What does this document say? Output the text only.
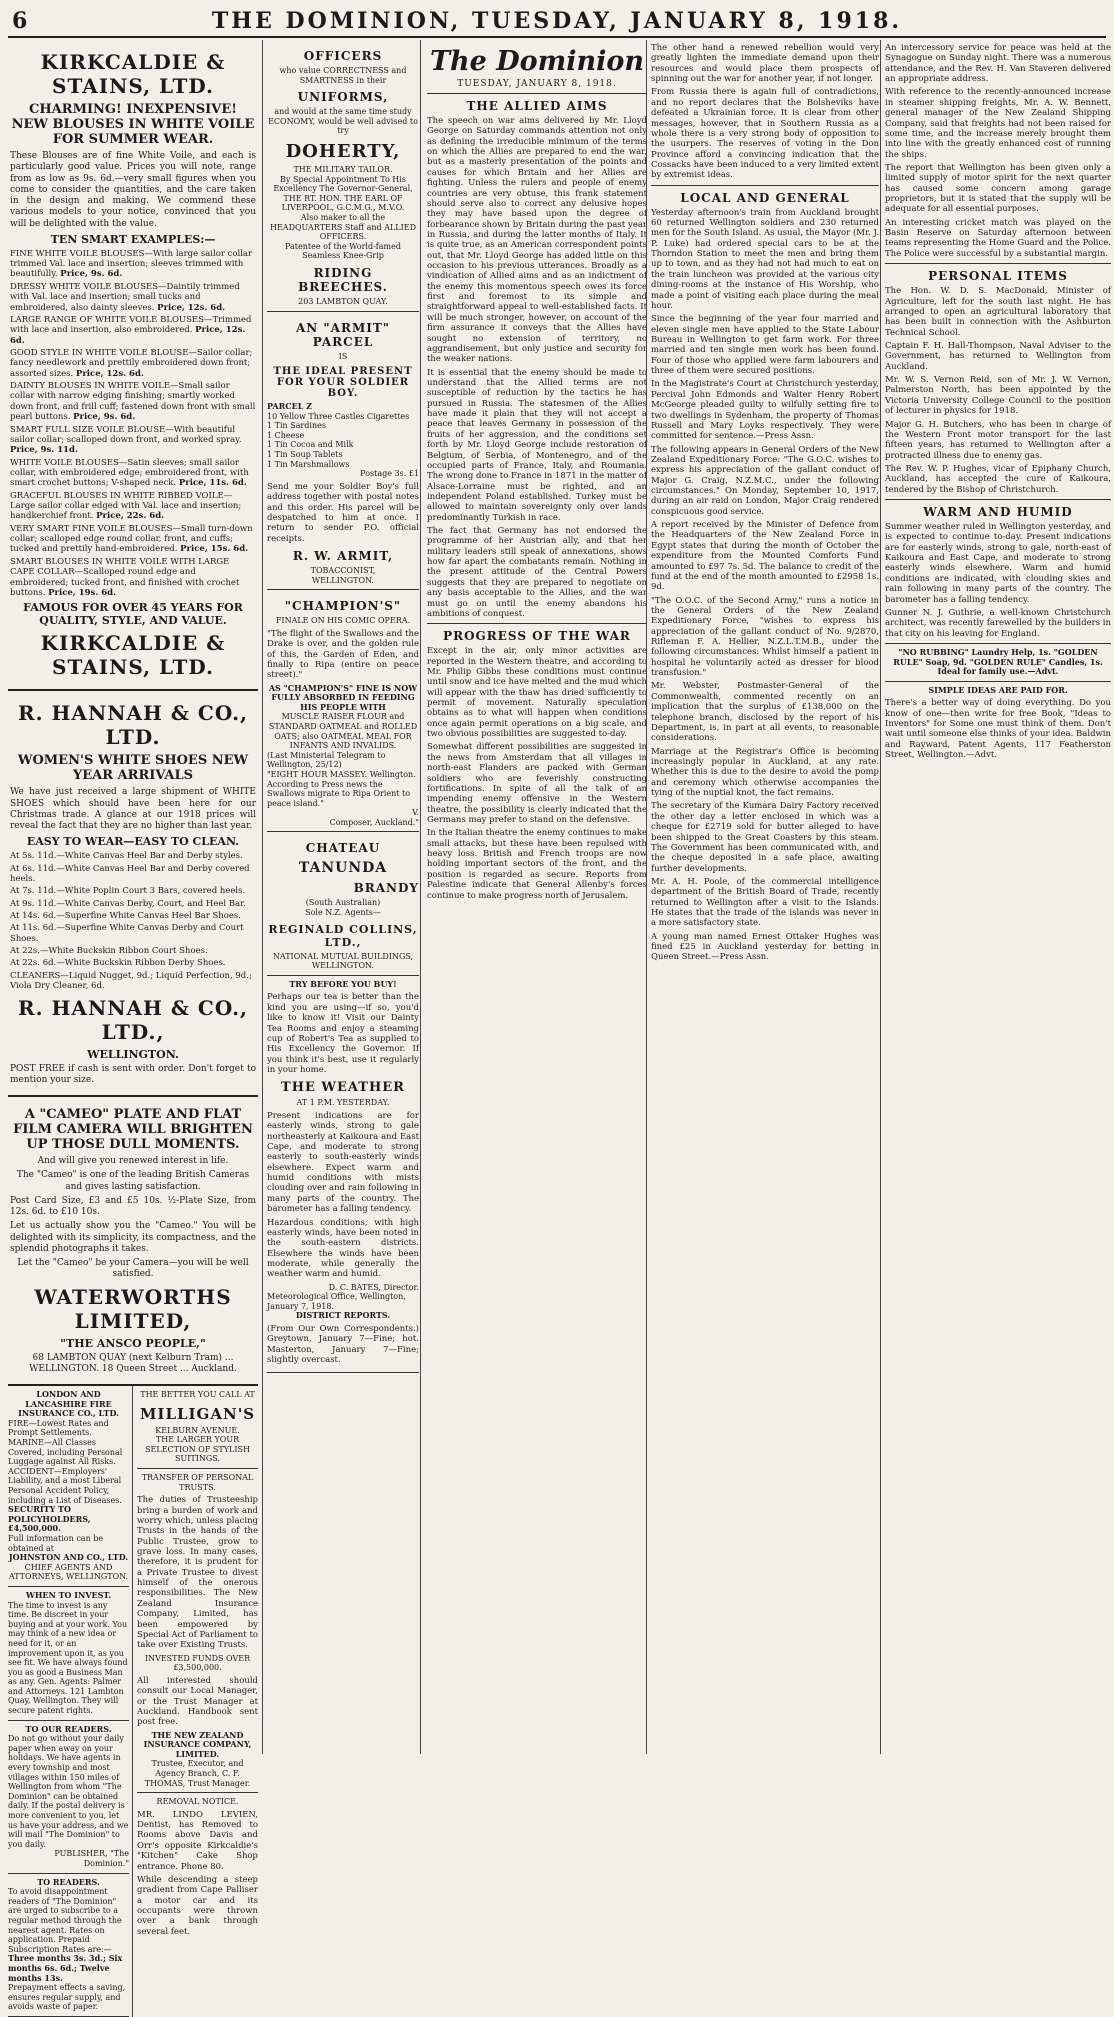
6	THE DOMINION, TUESDAY, JANUARY 8, 1918.
KIRKCALDIE & STAINS, LTD.
CHARMING! INEXPENSIVE! NEW BLOUSES IN WHITE VOILE FOR SUMMER WEAR.

These Blouses are of fine White Voile, and each is particularly good value. Prices you will note, range from as low as 9s. 6d.—very small figures when you come to consider the quantities, and the care taken in the design and making. We commend these various models to your notice, convinced that you will be delighted with the value.

TEN SMART EXAMPLES:—
FINE WHITE VOILE BLOUSES—With large sailor collar trimmed Val. lace and insertion; sleeves trimmed with beautifully. Price, 9s. 6d.
DRESSY WHITE VOILE BLOUSES—Daintily trimmed with Val. lace and insertion; small tucks and embroidered, also dainty sleeves. Price, 12s. 6d.
LARGE RANGE OF WHITE VOILE BLOUSES—Trimmed with lace and insertion, also embroidered. Price, 12s. 6d.
GOOD STYLE IN WHITE VOILE BLOUSE—Sailor collar; fancy needlework and prettily embroidered down front; assorted sizes. Price, 12s. 6d.
DAINTY BLOUSES IN WHITE VOILE—Small sailor collar with narrow edging finishing; smartly worked down front, and frill cuff; fastened down front with small pearl buttons. Price, 9s. 6d.
SMART FULL SIZE VOILE BLOUSE—With beautiful sailor collar; scalloped down front, and worked spray. Price, 9s. 11d.
WHITE VOILE BLOUSES—Satin sleeves; small sailor collar, with embroidered edge; embroidered front, with smart crochet buttons; V-shaped neck. Price, 11s. 6d.
GRACEFUL BLOUSES IN WHITE RIBBED VOILE—Large sailor collar edged with Val. lace and insertion; handkerchief front. Price, 22s. 6d.
VERY SMART FINE VOILE BLOUSES—Small turn-down collar; scalloped edge round collar, front, and cuffs; tucked and prettily hand-embroidered. Price, 15s. 6d.
SMART BLOUSES IN WHITE VOILE WITH LARGE CAPE COLLAR—Scalloped round edge and embroidered; tucked front, and finished with crochet buttons. Price, 19s. 6d.
FAMOUS FOR OVER 45 YEARS FOR QUALITY, STYLE, AND VALUE.
KIRKCALDIE & STAINS, LTD.
R. HANNAH & CO., LTD.
WOMEN'S WHITE SHOES NEW YEAR ARRIVALS

We have just received a large shipment of WHITE SHOES which should have been here for our Christmas trade. A glance at our 1918 prices will reveal the fact that they are no higher than last year.

EASY TO WEAR—EASY TO CLEAN.
At 5s. 11d.—White Canvas Heel Bar and Derby styles.
At 6s. 11d.—White Canvas Heel Bar and Derby covered heels.
At 7s. 11d.—White Poplin Court 3 Bars, covered heels.
At 9s. 11d.—White Canvas Derby, Court, and Heel Bar.
At 14s. 6d.—Superfine White Canvas Heel Bar Shoes.
At 11s. 6d.—Superfine White Canvas Derby and Court Shoes.
At 22s.—White Buckskin Ribbon Court Shoes.
At 22s. 6d.—White Buckskin Ribbon Derby Shoes.
CLEANERS—Liquid Nugget, 9d.; Liquid Perfection, 9d.; Viola Dry Cleaner, 6d.
R. HANNAH & CO., LTD.,
WELLINGTON.

POST FREE if cash is sent with order. Don't forget to mention your size.

A "CAMEO" PLATE AND FLAT FILM CAMERA WILL BRIGHTEN UP THOSE DULL MOMENTS.

And will give you renewed interest in life.

The "Cameo" is one of the leading British Cameras and gives lasting satisfaction.

Post Card Size, £3 and £5 10s. ½-Plate Size, from 12s. 6d. to £10 10s.

Let us actually show you the "Cameo." You will be delighted with its simplicity, its compactness, and the splendid photographs it takes.

Let the "Cameo" be your Camera—you will be well satisfied.

WATERWORTHS LIMITED,
"THE ANSCO PEOPLE,"

68 LAMBTON QUAY (next Kelburn Tram) ... WELLINGTON. 18 Queen Street ... Auckland.

LONDON AND LANCASHIRE FIRE INSURANCE CO., LTD.
FIRE—Lowest Rates and Prompt Settlements.
MARINE—All Classes Covered, including Personal Luggage against All Risks.
ACCIDENT—Employers' Liability, and a most Liberal Personal Accident Policy, including a List of Diseases.
SECURITY TO POLICYHOLDERS, £4,500,000.
Full information can be obtained at
JOHNSTON AND CO., LTD.
CHIEF AGENTS AND ATTORNEYS, WELLINGTON.
WHEN TO INVEST.
The time to invest is any time. Be discreet in your buying and at your work. You may think of a new idea or need for it, or an improvement upon it, as you see fit. We have always found you as good a Business Man as any. Gen. Agents: Palmer and Attorneys. 121 Lambton Quay, Wellington. They will secure patent rights.
TO OUR READERS.
Do not go without your daily paper when away on your holidays. We have agents in every township and most villages within 150 miles of Wellington from whom "The Dominion" can be obtained daily. If the postal delivery is more convenient to you, let us have your address, and we will mail "The Dominion" to you daily.
PUBLISHER, "The Dominion."
TO READERS.
To avoid disappointment readers of "The Dominion" are urged to subscribe to a regular method through the nearest agent. Rates on application. Prepaid Subscription Rates are:—
Three months 3s. 3d.; Six months 6s. 6d.; Twelve months 13s.
Prepayment effects a saving, ensures regular supply, and avoids waste of paper.
THE BETTER YOU CALL AT
MILLIGAN'S
KELBURN AVENUE.
THE LARGER YOUR SELECTION OF STYLISH SUITINGS.
TRANSFER OF PERSONAL TRUSTS.
The duties of Trusteeship bring a burden of work and worry which, unless placing Trusts in the hands of the Public Trustee, grow to grave loss. In many cases, therefore, it is prudent for a Private Trustee to divest himself of the onerous responsibilities. The New Zealand Insurance Company, Limited, has been empowered by Special Act of Parliament to take over Existing Trusts.
INVESTED FUNDS OVER £3,500,000.
All interested should consult our Local Manager, or the Trust Manager at Auckland. Handbook sent post free.
THE NEW ZEALAND INSURANCE COMPANY, LIMITED.
Trustee, Executor, and Agency Branch, C. F. THOMAS, Trust Manager.
REMOVAL NOTICE.
MR. LINDO LEVIEN, Dentist, has Removed to Rooms above Davis and Orr's opposite Kirkcaldie's "Kitchen" Cake Shop entrance. Phone 80.
While descending a steep gradient from Cape Palliser a motor car and its occupants were thrown over a bank through several feet.
OFFICERS
who value CORRECTNESS and SMARTNESS in their
UNIFORMS,
and would at the same time study ECONOMY, would be well advised to try
DOHERTY,
THE MILITARY TAILOR.
By Special Appointment To His Excellency The Governor-General, THE RT. HON. THE EARL OF LIVERPOOL, G.C.M.G., M.V.O.
Also maker to all the HEADQUARTERS Staff and ALLIED OFFICERS.
Patentee of the World-famed Seamless Knee-Grip
RIDING BREECHES.
203 LAMBTON QUAY.
AN "ARMIT" PARCEL
IS
THE IDEAL PRESENT FOR YOUR SOLDIER BOY.
PARCEL Z
10 Yellow Three Castles Cigarettes
1 Tin Sardines
1 Cheese
1 Tin Cocoa and Milk
1 Tin Soup Tablets
1 Tin Marshmallows
Postage 3s. £1
Send me your Soldier Boy's full address together with postal notes and this order. His parcel will be despatched to him at once. I return to sender P.O. official receipts.
R. W. ARMIT,
TOBACCONIST,
WELLINGTON.
"CHAMPION'S"
FINALE ON HIS COMIC OPERA.
"The flight of the Swallows and the Drake is over, and the golden rule of this, the Garden of Eden, and finally to Ripa (entire on peace street)."
AS "CHAMPION'S" FINE IS NOW FULLY ABSORBED IN FEEDING HIS PEOPLE WITH
MUSCLE RAISER FLOUR and STANDARD OATMEAL and ROLLED OATS; also OATMEAL MEAL FOR INFANTS AND INVALIDS.
(Last Ministerial Telegram to Wellington, 25/12)
"EIGHT HOUR MASSEY. Wellington.
According to Press news the Swallows migrate to Ripa Orient to peace island."
V.
Composer, Auckland."
CHATEAU
TANUNDA
BRANDY
(South Australian)
Sole N.Z. Agents—
REGINALD COLLINS, LTD.,
NATIONAL MUTUAL BUILDINGS, WELLINGTON.
TRY BEFORE YOU BUY!
Perhaps our tea is better than the kind you are using—if so, you'd like to know it! Visit our Dainty Tea Rooms and enjoy a steaming cup of Robert's Tea as supplied to His Excellency the Governor. If you think it's best, use it regularly in your home.
THE WEATHER
AT 1 P.M. YESTERDAY.
Present indications are for easterly winds, strong to gale northeasterly at Kaikoura and East Cape, and moderate to strong easterly to south-easterly winds elsewhere. Expect warm and humid conditions with mists clouding over and rain following in many parts of the country. The barometer has a falling tendency.
Hazardous conditions, with high easterly winds, have been noted in the south-eastern districts. Elsewhere the winds have been moderate, while generally the weather warm and humid.
D. C. BATES, Director.
Meteorological Office, Wellington, January 7, 1918.
DISTRICT REPORTS.
(From Our Own Correspondents.) Greytown, January 7—Fine; hot. Masterton, January 7—Fine; slightly overcast.
The Dominion
TUESDAY, JANUARY 8, 1918.
THE ALLIED AIMS
The speech on war aims delivered by Mr. Lloyd George on Saturday commands attention not only as defining the irreducible minimum of the terms on which the Allies are prepared to end the war, but as a masterly presentation of the points and causes for which Britain and her Allies are fighting. Unless the rulers and people of enemy countries are very obtuse, this frank statement should serve also to correct any delusive hopes they may have based upon the degree of forbearance shown by Britain during the past year in Russia, and during the latter months of Italy. It is quite true, as an American correspondent points out, that Mr. Lloyd George has added little on this occasion to his previous utterances. Broadly as a vindication of Allied aims and as an indictment of the enemy this momentous speech owes its force first and foremost to its simple and straightforward appeal to well-established facts. It will be much stronger, however, on account of the firm assurance it conveys that the Allies have sought no extension of territory, no aggrandisement, but only justice and security for the weaker nations.
It is essential that the enemy should be made to understand that the Allied terms are not susceptible of reduction by the tactics he has pursued in Russia. The statesmen of the Allies have made it plain that they will not accept a peace that leaves Germany in possession of the fruits of her aggression, and the conditions set forth by Mr. Lloyd George include restoration of Belgium, of Serbia, of Montenegro, and of the occupied parts of France, Italy, and Roumania. The wrong done to France in 1871 in the matter of Alsace-Lorraine must be righted, and an independent Poland established. Turkey must be allowed to maintain sovereignty only over lands predominantly Turkish in race.
The fact that Germany has not endorsed the programme of her Austrian ally, and that her military leaders still speak of annexations, shows how far apart the combatants remain. Nothing in the present attitude of the Central Powers suggests that they are prepared to negotiate on any basis acceptable to the Allies, and the war must go on until the enemy abandons his ambitions of conquest.
PROGRESS OF THE WAR
Except in the air, only minor activities are reported in the Western theatre, and according to Mr. Philip Gibbs these conditions must continue until snow and ice have melted and the mud which will appear with the thaw has dried sufficiently to permit of movement. Naturally speculation obtains as to what will happen when conditions once again permit operations on a big scale, and two obvious possibilities are suggested to-day.
Somewhat different possibilities are suggested in the news from Amsterdam that all villages in north-east Flanders are packed with German soldiers who are feverishly constructing fortifications. In spite of all the talk of an impending enemy offensive in the Western theatre, the possibility is clearly indicated that the Germans may prefer to stand on the defensive.
In the Italian theatre the enemy continues to make small attacks, but these have been repulsed with heavy loss. British and French troops are now holding important sectors of the front, and the position is regarded as secure. Reports from Palestine indicate that General Allenby's forces continue to make progress north of Jerusalem.
The other hand a renewed rebellion would very greatly lighten the immediate demand upon their resources and would place them prospects of spinning out the war for another year, if not longer.
From Russia there is again full of contradictions, and no report declares that the Bolsheviks have defeated a Ukrainian force. It is clear from other messages, however, that in Southern Russia as a whole there is a very strong body of opposition to the usurpers. The reserves of voting in the Don Province afford a convincing indication that the Cossacks have been induced to a very limited extent by extremist ideas.
LOCAL AND GENERAL
Yesterday afternoon's train from Auckland brought 60 returned Wellington soldiers and 230 returned men for the South Island. As usual, the Mayor (Mr. J. P. Luke) had ordered special cars to be at the Thorndon Station to meet the men and bring them up to town, and as they had not had much to eat on the train luncheon was provided at the various city dining-rooms at the instance of His Worship, who made a point of visiting each place during the meal hour.
Since the beginning of the year four married and eleven single men have applied to the State Labour Bureau in Wellington to get farm work. For three married and ten single men work has been found. Four of those who applied were farm labourers and three of them were secured positions.
In the Magistrate's Court at Christchurch yesterday, Percival John Edmonds and Walter Henry Robert McGeorge pleaded guilty to wilfully setting fire to two dwellings in Sydenham, the property of Thomas Russell and Mary Loyks respectively. They were committed for sentence.—Press Assn.
The following appears in General Orders of the New Zealand Expeditionary Force: "The G.O.C. wishes to express his appreciation of the gallant conduct of Major G. Craig, N.Z.M.C., under the following circumstances." On Monday, September 10, 1917, during an air raid on London, Major Craig rendered conspicuous good service.
A report received by the Minister of Defence from the Headquarters of the New Zealand Force in Egypt states that during the month of October the expenditure from the Mounted Comforts Fund amounted to £97 7s. 5d. The balance to credit of the fund at the end of the month amounted to £2958 1s. 9d.
"The O.O.C. of the Second Army," runs a notice in the General Orders of the New Zealand Expeditionary Force, "wishes to express his appreciation of the gallant conduct of No. 9/2870, Rifleman F. A. Hellier, N.Z.L.T.M.B., under the following circumstances: Whilst himself a patient in hospital he voluntarily acted as dresser for blood transfusion."
Mr. Webster, Postmaster-General of the Commonwealth, commented recently on an implication that the surplus of £138,000 on the telephone branch, disclosed by the report of his Department, is, in part at all events, to reasonable considerations.
Marriage at the Registrar's Office is becoming increasingly popular in Auckland, at any rate. Whether this is due to the desire to avoid the pomp and ceremony which otherwise accompanies the tying of the nuptial knot, the fact remains.
The secretary of the Kumara Dairy Factory received the other day a letter enclosed in which was a cheque for £2719 sold for butter alleged to have been shipped to the Great Coasters by this steam. The Government has been communicated with, and the cheque deposited in a safe place, awaiting further developments.
Mr. A. H. Poole, of the commercial intelligence department of the British Board of Trade, recently returned to Wellington after a visit to the Islands. He states that the trade of the islands was never in a more satisfactory state.
A young man named Ernest Ottaker Hughes was fined £25 in Auckland yesterday for betting in Queen Street.—Press Assn.
An intercessory service for peace was held at the Synagogue on Sunday night. There was a numerous attendance, and the Rev. H. Van Staveren delivered an appropriate address.
With reference to the recently-announced increase in steamer shipping freights, Mr. A. W. Bennett, general manager of the New Zealand Shipping Company, said that freights had not been raised for some time, and the increase merely brought them into line with the greatly enhanced cost of running the ships.
The report that Wellington has been given only a limited supply of motor spirit for the next quarter has caused some concern among garage proprietors, but it is stated that the supply will be adequate for all essential purposes.
An interesting cricket match was played on the Basin Reserve on Saturday afternoon between teams representing the Home Guard and the Police. The Police were successful by a substantial margin.
PERSONAL ITEMS
The Hon. W. D. S. MacDonald, Minister of Agriculture, left for the south last night. He has arranged to open an agricultural laboratory that has been built in connection with the Ashburton Technical School.
Captain F. H. Hall-Thompson, Naval Adviser to the Government, has returned to Wellington from Auckland.
Mr. W. S. Vernon Reid, son of Mr. J. W. Vernon, Palmerston North, has been appointed by the Victoria University College Council to the position of lecturer in physics for 1918.
Major G. H. Butchers, who has been in charge of the Western Front motor transport for the last fifteen years, has returned to Wellington after a protracted illness due to enemy gas.
The Rev. W. P. Hughes, vicar of Epiphany Church, Auckland, has accepted the cure of Kaikoura, tendered by the Bishop of Christchurch.
WARM AND HUMID
Summer weather ruled in Wellington yesterday, and is expected to continue to-day. Present indications are for easterly winds, strong to gale, north-east of Kaikoura and East Cape, and moderate to strong easterly winds elsewhere. Warm and humid conditions are indicated, with clouding skies and rain following in many parts of the country. The barometer has a falling tendency.
Gunner N. J. Guthrie, a well-known Christchurch architect, was recently farewelled by the builders in that city on his leaving for England.
"NO RUBBING" Laundry Help, 1s. "GOLDEN RULE" Soap, 9d. "GOLDEN RULE" Candles, 1s. Ideal for family use.—Advt.
SIMPLE IDEAS ARE PAID FOR.
There's a better way of doing everything. Do you know of one—then write for free Book, "Ideas to Inventors" for Some one must think of them. Don't wait until someone else thinks of your idea. Baldwin and Rayward, Patent Agents, 117 Featherston Street, Wellington.—Advt.
